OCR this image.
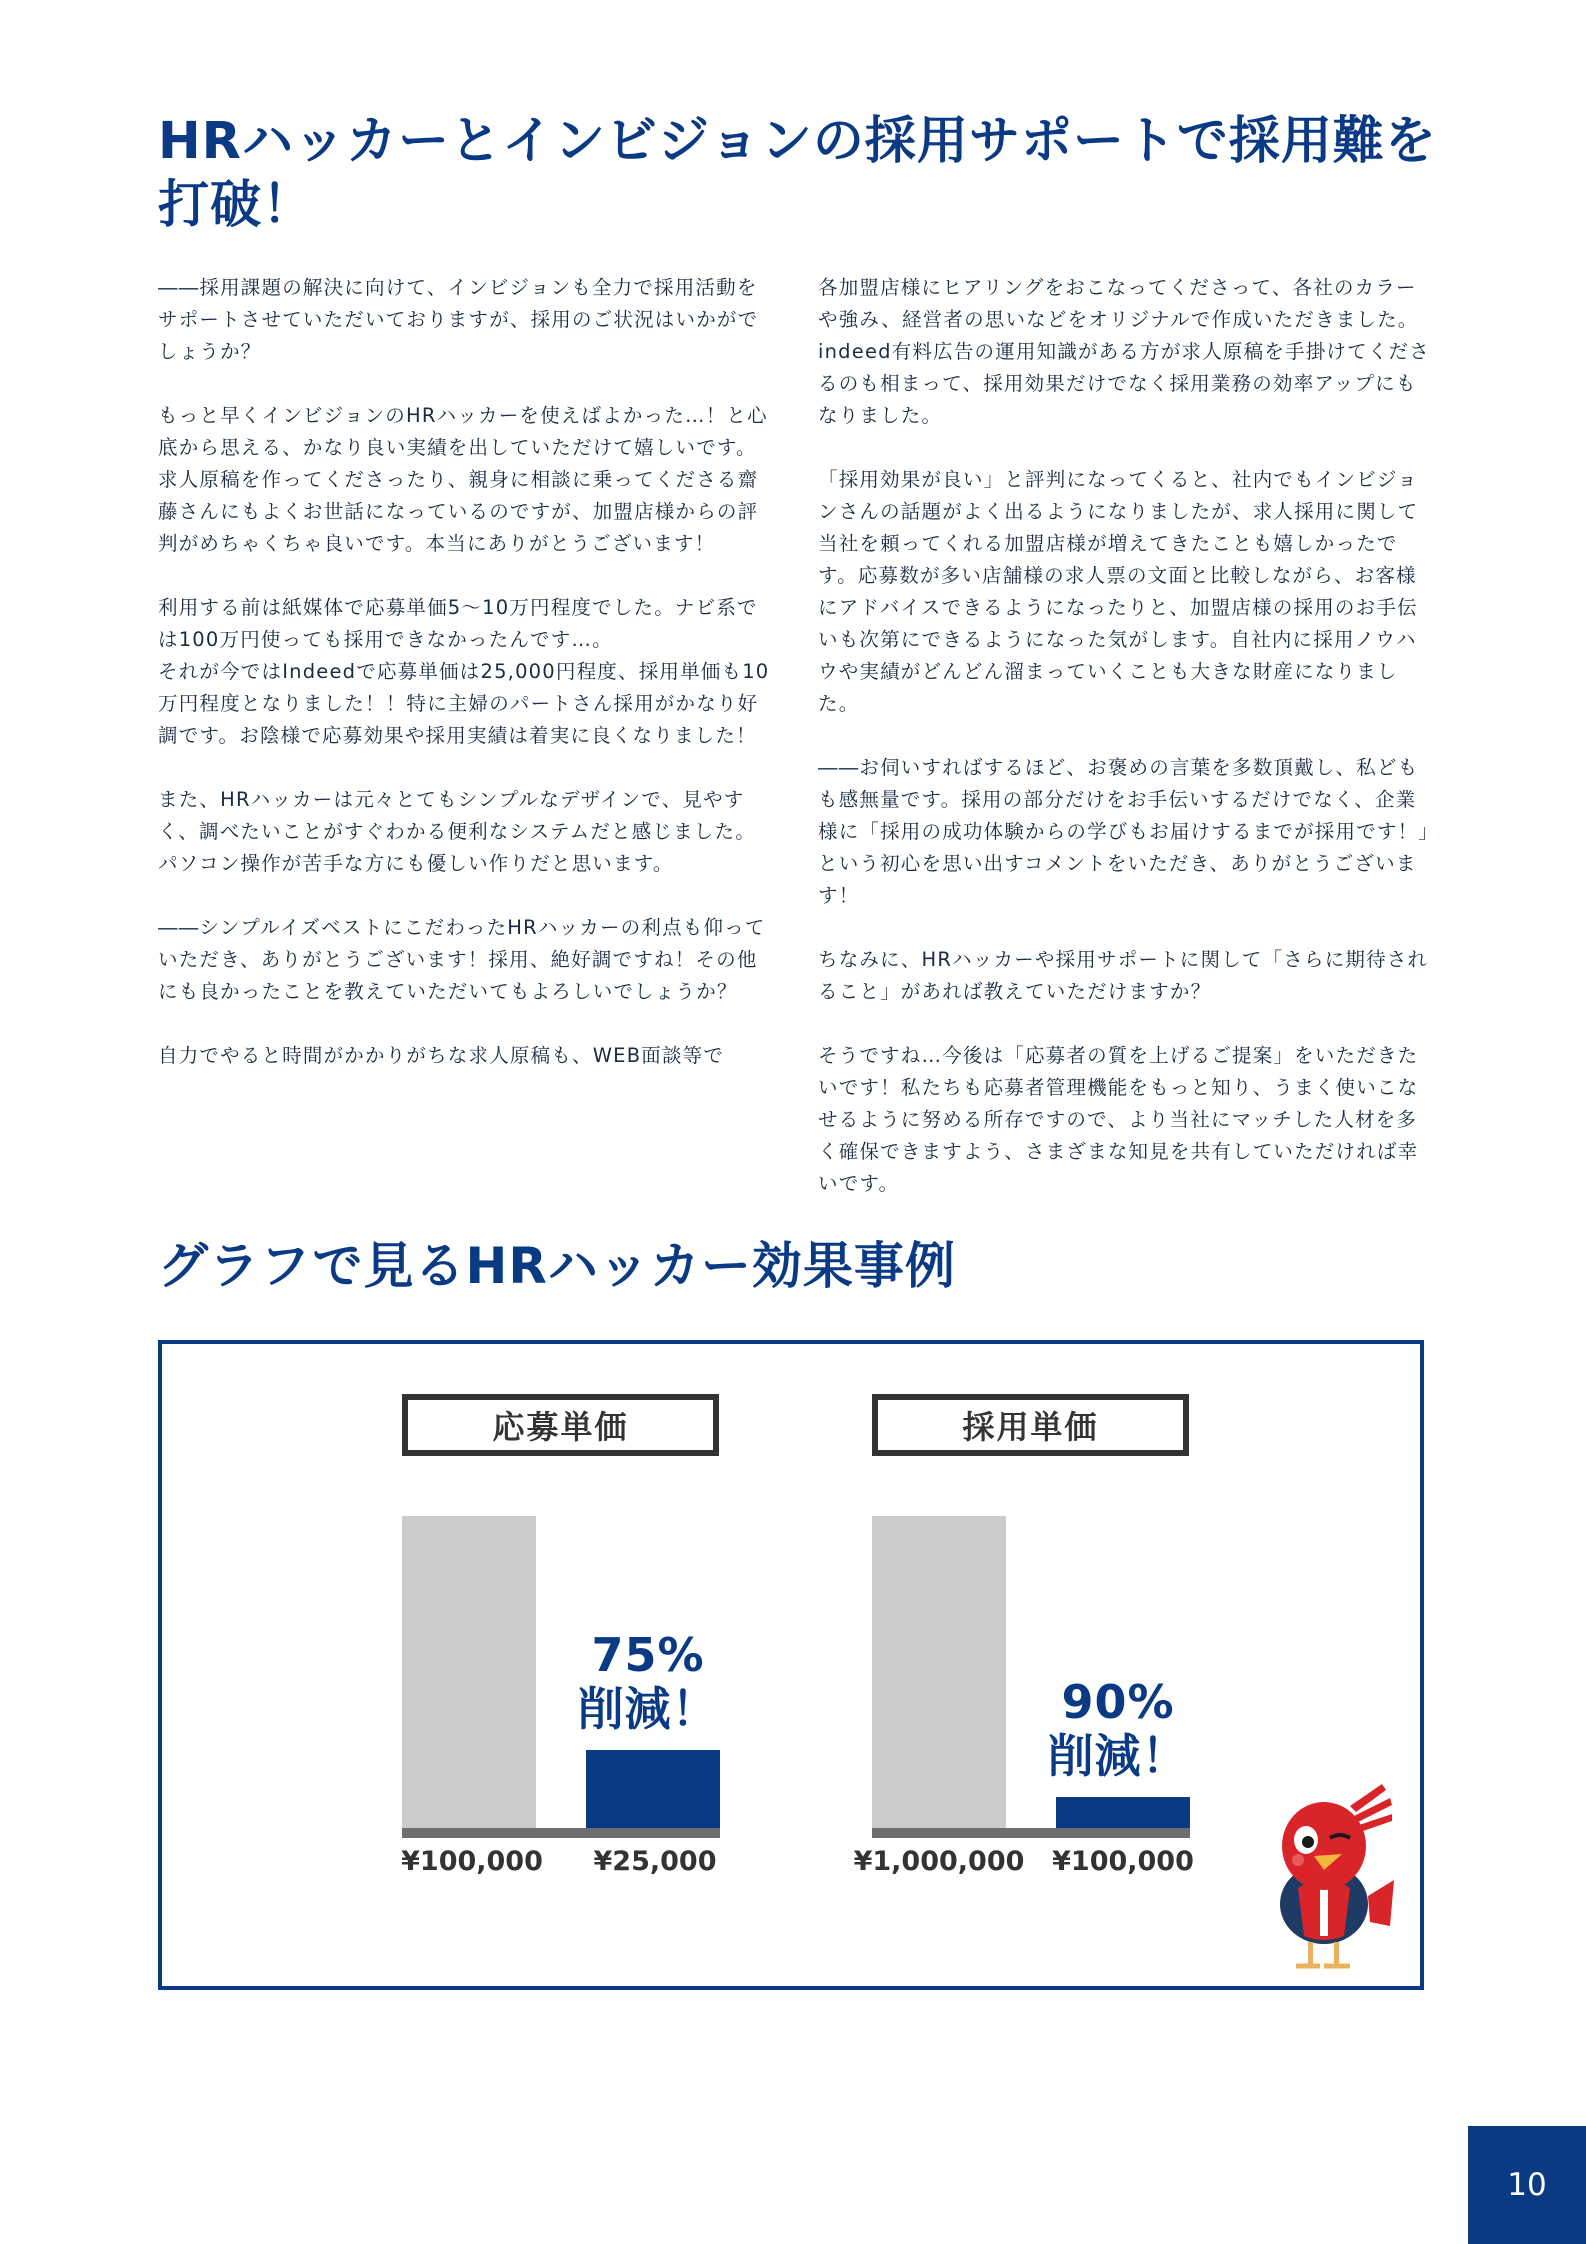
HRハッカーとインビジョンの採用サポートで採用難を打破！

――採用課題の解決に向けて、インビジョンも全力で採用活動をサポートさせていただいておりますが、採用のご状況はいかがでしょうか？

もっと早くインビジョンのHRハッカーを使えばよかった…！と心底から思える、かなり良い実績を出していただけて嬉しいです。求人原稿を作ってくださったり、親身に相談に乗ってくださる齋藤さんにもよくお世話になっているのですが、加盟店様からの評判がめちゃくちゃ良いです。本当にありがとうございます！

利用する前は紙媒体で応募単価5〜10万円程度でした。ナビ系では100万円使っても採用できなかったんです…。
それが今ではIndeedで応募単価は25,000円程度、採用単価も10万円程度となりました！！特に主婦のパートさん採用がかなり好調です。お陰様で応募効果や採用実績は着実に良くなりました！

また、HRハッカーは元々とてもシンプルなデザインで、見やすく、調べたいことがすぐわかる便利なシステムだと感じました。パソコン操作が苦手な方にも優しい作りだと思います。

――シンプルイズベストにこだわったHRハッカーの利点も仰っていただき、ありがとうございます！採用、絶好調ですね！その他にも良かったことを教えていただいてもよろしいでしょうか？

自力でやると時間がかかりがちな求人原稿も、WEB面談等で

各加盟店様にヒアリングをおこなってくださって、各社のカラーや強み、経営者の思いなどをオリジナルで作成いただきました。indeed有料広告の運用知識がある方が求人原稿を手掛けてくださるのも相まって、採用効果だけでなく採用業務の効率アップにもなりました。

「採用効果が良い」と評判になってくると、社内でもインビジョンさんの話題がよく出るようになりましたが、求人採用に関して当社を頼ってくれる加盟店様が増えてきたことも嬉しかったです。応募数が多い店舗様の求人票の文面と比較しながら、お客様にアドバイスできるようになったりと、加盟店様の採用のお手伝いも次第にできるようになった気がします。自社内に採用ノウハウや実績がどんどん溜まっていくことも大きな財産になりました。

――お伺いすればするほど、お褒めの言葉を多数頂戴し、私どもも感無量です。採用の部分だけをお手伝いするだけでなく、企業様に「採用の成功体験からの学びもお届けするまでが採用です！」という初心を思い出すコメントをいただき、ありがとうございます！

ちなみに、HRハッカーや採用サポートに関して「さらに期待されること」があれば教えていただけますか？

そうですね…今後は「応募者の質を上げるご提案」をいただきたいです！私たちも応募者管理機能をもっと知り、うまく使いこなせるように努める所存ですので、より当社にマッチした人材を多く確保できますよう、さまざまな知見を共有していただければ幸いです。

グラフで見るHRハッカー効果事例
応募単価
75%
削減！
¥100,000 ¥25,000
採用単価
90%
削減！
¥1,000,000 ¥100,000
10
